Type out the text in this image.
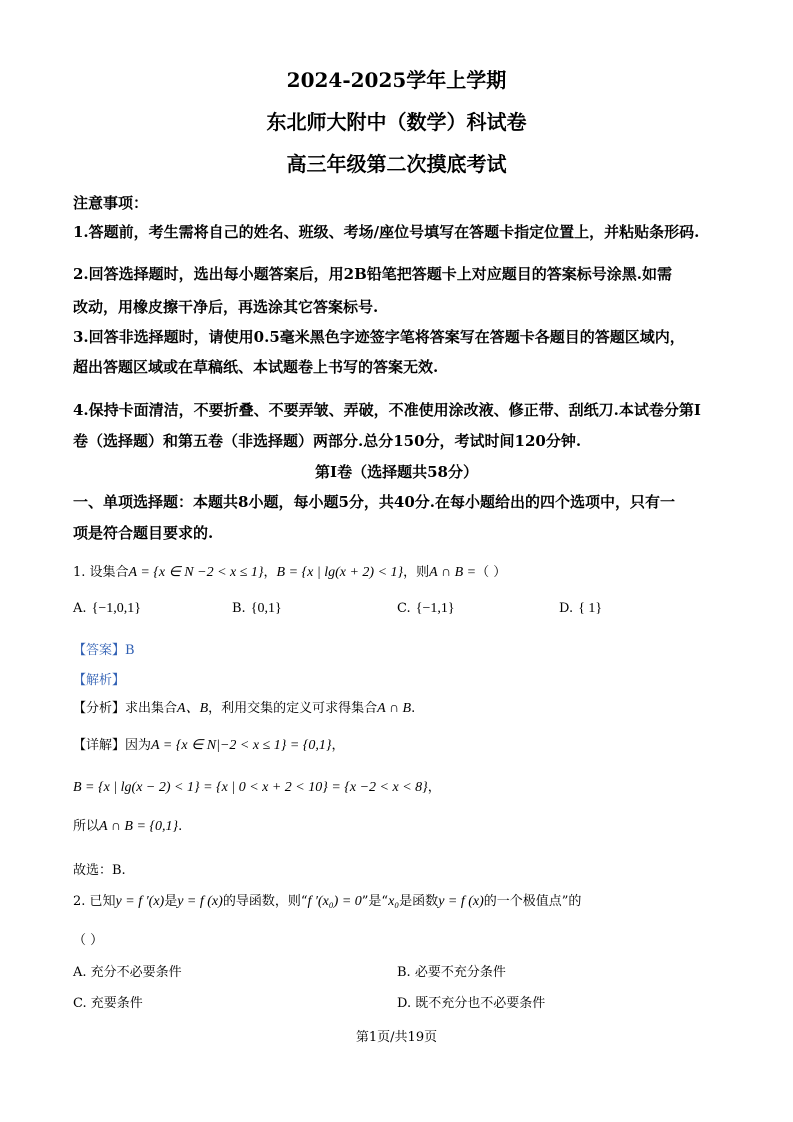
2024-2025学年上学期
东北师大附中（数学）科试卷
高三年级第二次摸底考试
注意事项：
1.答题前，考生需将自己的姓名、班级、考场/座位号填写在答题卡指定位置上，并粘贴条形码.
2.回答选择题时，选出每小题答案后，用2B铅笔把答题卡上对应题目的答案标号涂黑.如需
改动，用橡皮擦干净后，再选涂其它答案标号.
3.回答非选择题时，请使用0.5毫米黑色字迹签字笔将答案写在答题卡各题目的答题区域内，
超出答题区域或在草稿纸、本试题卷上书写的答案无效.
4.保持卡面清洁，不要折叠、不要弄皱、弄破，不准使用涂改液、修正带、刮纸刀.本试卷分第Ⅰ
卷（选择题）和第五卷（非选择题）两部分.总分150分，考试时间120分钟.
第Ⅰ卷（选择题共58分）
一、单项选择题：本题共8小题，每小题5分，共40分.在每小题给出的四个选项中，只有一
项是符合题目要求的.
1. 设集合A = {x ∈ N −2 < x ≤ 1}，B = {x | lg(x + 2) < 1}，则A ∩ B =（ ）
A. {−1,0,1}	B. {0,1}	C. {−1,1}	D. { 1}
【答案】B
【解析】
【分析】求出集合A、B，利用交集的定义可求得集合A ∩ B.
【详解】因为A = {x ∈ N|−2 < x ≤ 1} = {0,1}，
B = {x | lg(x − 2) < 1} = {x | 0 < x + 2 < 10} = {x −2 < x < 8}，
所以A ∩ B = {0,1}.
故选：B.
2. 已知y = f ′(x)是y = f (x)的导函数，则“f ′(x₀) = 0”是“x₀是函数y = f (x)的一个极值点”的
（ ）
A. 充分不必要条件	B. 必要不充分条件
C. 充要条件	D. 既不充分也不必要条件
第1页/共19页
